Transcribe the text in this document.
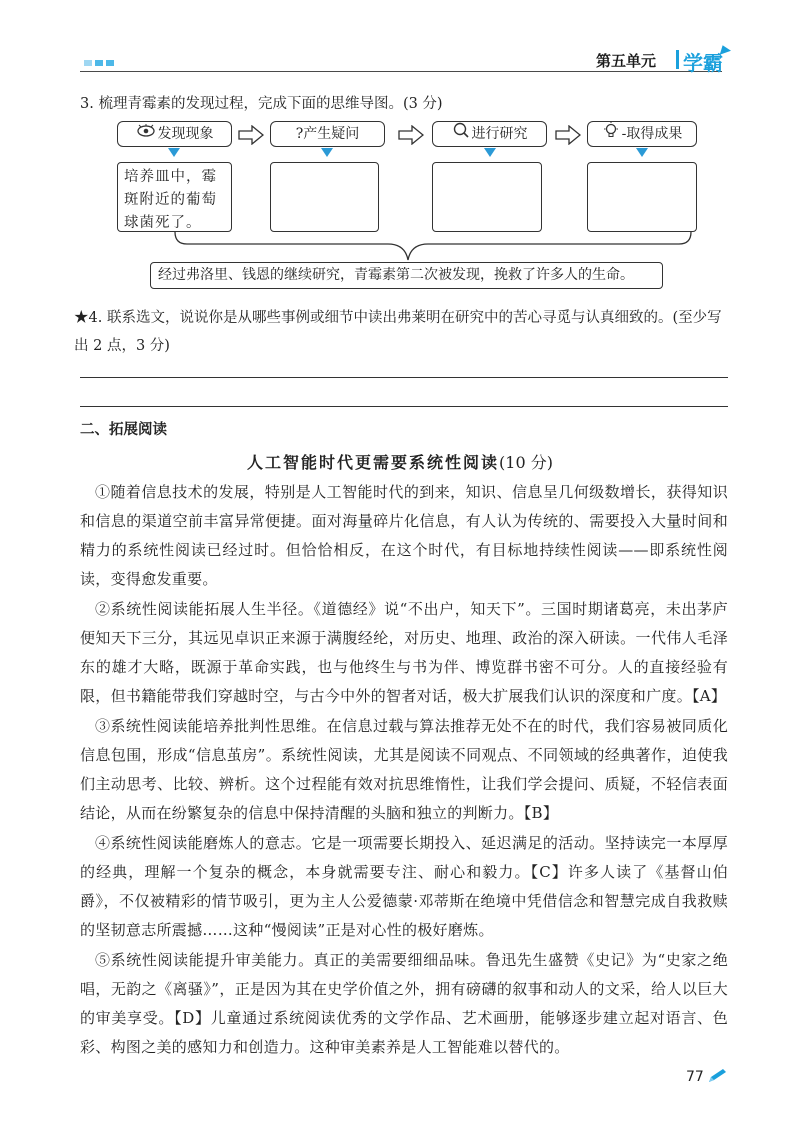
第五单元 学霸
3. 梳理青霉素的发现过程，完成下面的思维导图。(3 分)
发现现象	?产生疑问	进行研究	-取得成果
培养皿中，霉斑附近的葡萄球菌死了。
经过弗洛里、钱恩的继续研究，青霉素第二次被发现，挽救了许多人的生命。
★4. 联系选文，说说你是从哪些事例或细节中读出弗莱明在研究中的苦心寻觅与认真细致的。(至少写出 2 点，3 分)
二、拓展阅读
人工智能时代更需要系统性阅读(10 分)
①随着信息技术的发展，特别是人工智能时代的到来，知识、信息呈几何级数增长，获得知识和信息的渠道空前丰富异常便捷。面对海量碎片化信息，有人认为传统的、需要投入大量时间和精力的系统性阅读已经过时。但恰恰相反，在这个时代，有目标地持续性阅读——即系统性阅读，变得愈发重要。
②系统性阅读能拓展人生半径。《道德经》说“不出户，知天下”。三国时期诸葛亮，未出茅庐便知天下三分，其远见卓识正来源于满腹经纶，对历史、地理、政治的深入研读。一代伟人毛泽东的雄才大略，既源于革命实践，也与他终生与书为伴、博览群书密不可分。人的直接经验有限，但书籍能带我们穿越时空，与古今中外的智者对话，极大扩展我们认识的深度和广度。【A】
③系统性阅读能培养批判性思维。在信息过载与算法推荐无处不在的时代，我们容易被同质化信息包围，形成“信息茧房”。系统性阅读，尤其是阅读不同观点、不同领域的经典著作，迫使我们主动思考、比较、辨析。这个过程能有效对抗思维惰性，让我们学会提问、质疑，不轻信表面结论，从而在纷繁复杂的信息中保持清醒的头脑和独立的判断力。【B】
④系统性阅读能磨炼人的意志。它是一项需要长期投入、延迟满足的活动。坚持读完一本厚厚的经典，理解一个复杂的概念，本身就需要专注、耐心和毅力。【C】许多人读了《基督山伯爵》，不仅被精彩的情节吸引，更为主人公爱德蒙·邓蒂斯在绝境中凭借信念和智慧完成自我救赎的坚韧意志所震撼……这种“慢阅读”正是对心性的极好磨炼。
⑤系统性阅读能提升审美能力。真正的美需要细细品味。鲁迅先生盛赞《史记》为“史家之绝唱，无韵之《离骚》”，正是因为其在史学价值之外，拥有磅礴的叙事和动人的文采，给人以巨大的审美享受。【D】儿童通过系统阅读优秀的文学作品、艺术画册，能够逐步建立起对语言、色彩、构图之美的感知力和创造力。这种审美素养是人工智能难以替代的。
77
